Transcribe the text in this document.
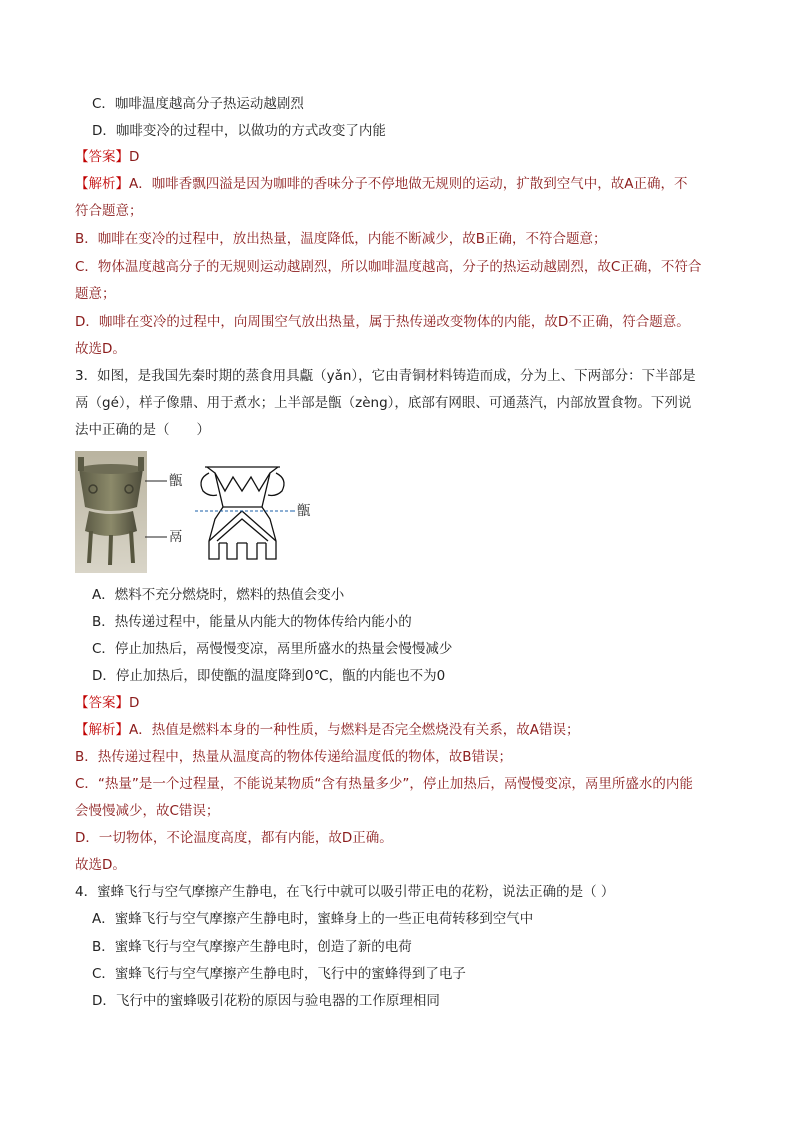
C．咖啡温度越高分子热运动越剧烈
D．咖啡变冷的过程中，以做功的方式改变了内能
【答案】D
【解析】A．咖啡香飘四溢是因为咖啡的香味分子不停地做无规则的运动，扩散到空气中，故A正确，不
符合题意；
B．咖啡在变冷的过程中，放出热量，温度降低，内能不断减少，故B正确，不符合题意；
C．物体温度越高分子的无规则运动越剧烈，所以咖啡温度越高，分子的热运动越剧烈，故C正确，不符合
题意；
D．咖啡在变冷的过程中，向周围空气放出热量，属于热传递改变物体的内能，故D不正确，符合题意。
故选D。
3．如图，是我国先秦时期的蒸食用具甗（yǎn），它由青铜材料铸造而成，分为上、下两部分：下半部是
鬲（gé），样子像鼎、用于煮水；上半部是甑（zèng），底部有网眼、可通蒸汽，内部放置食物。下列说
法中正确的是（　　）
甑
鬲
甑
A．燃料不充分燃烧时，燃料的热值会变小
B．热传递过程中，能量从内能大的物体传给内能小的
C．停止加热后，鬲慢慢变凉，鬲里所盛水的热量会慢慢减少
D．停止加热后，即使甑的温度降到0℃，甑的内能也不为0
【答案】D
【解析】A．热值是燃料本身的一种性质，与燃料是否完全燃烧没有关系，故A错误；
B．热传递过程中，热量从温度高的物体传递给温度低的物体，故B错误；
C．“热量”是一个过程量，不能说某物质“含有热量多少”，停止加热后，鬲慢慢变凉，鬲里所盛水的内能
会慢慢减少，故C错误；
D．一切物体，不论温度高度，都有内能，故D正确。
故选D。
4．蜜蜂飞行与空气摩擦产生静电，在飞行中就可以吸引带正电的花粉，说法正确的是（ ）
A．蜜蜂飞行与空气摩擦产生静电时，蜜蜂身上的一些正电荷转移到空气中
B．蜜蜂飞行与空气摩擦产生静电时，创造了新的电荷
C．蜜蜂飞行与空气摩擦产生静电时，飞行中的蜜蜂得到了电子
D．飞行中的蜜蜂吸引花粉的原因与验电器的工作原理相同
